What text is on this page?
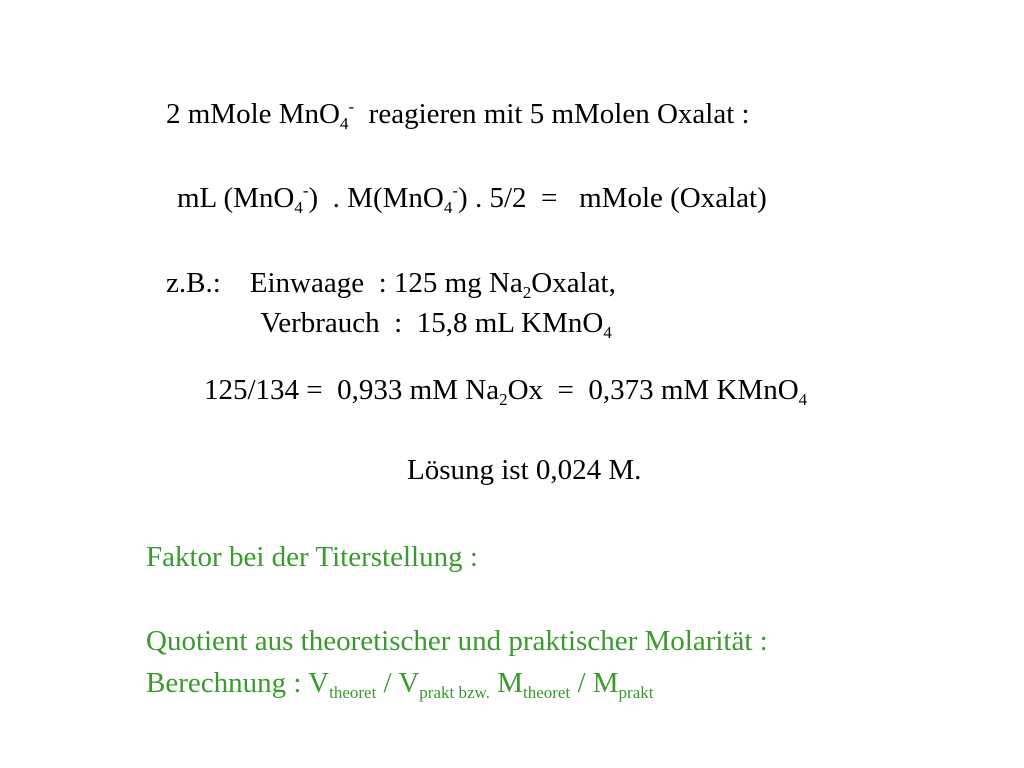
2 mMole MnO$_4$-  reagieren mit 5 mMolen Oxalat :

mL (MnO$_4$-)  . M(MnO$_4$-) . 5/2  =   mMole (Oxalat)

z.B.:    Einwaage  : 125 mg $Na_2Oxalat$,

Verbrauch  :  15,8 mL KMnO$_4$

125/134 =  0,933 mM $Na_2Ox = 0,373$ mM KMnO$_4$

Lösung ist 0,024 M.

Faktor bei der Titerstellung :

Quotient aus theoretischer und praktischer Molarität :

Berechnung : $V_{theoret} / V_{prakt bzw.}$ $M_{theoret} / M_{prakt}$
